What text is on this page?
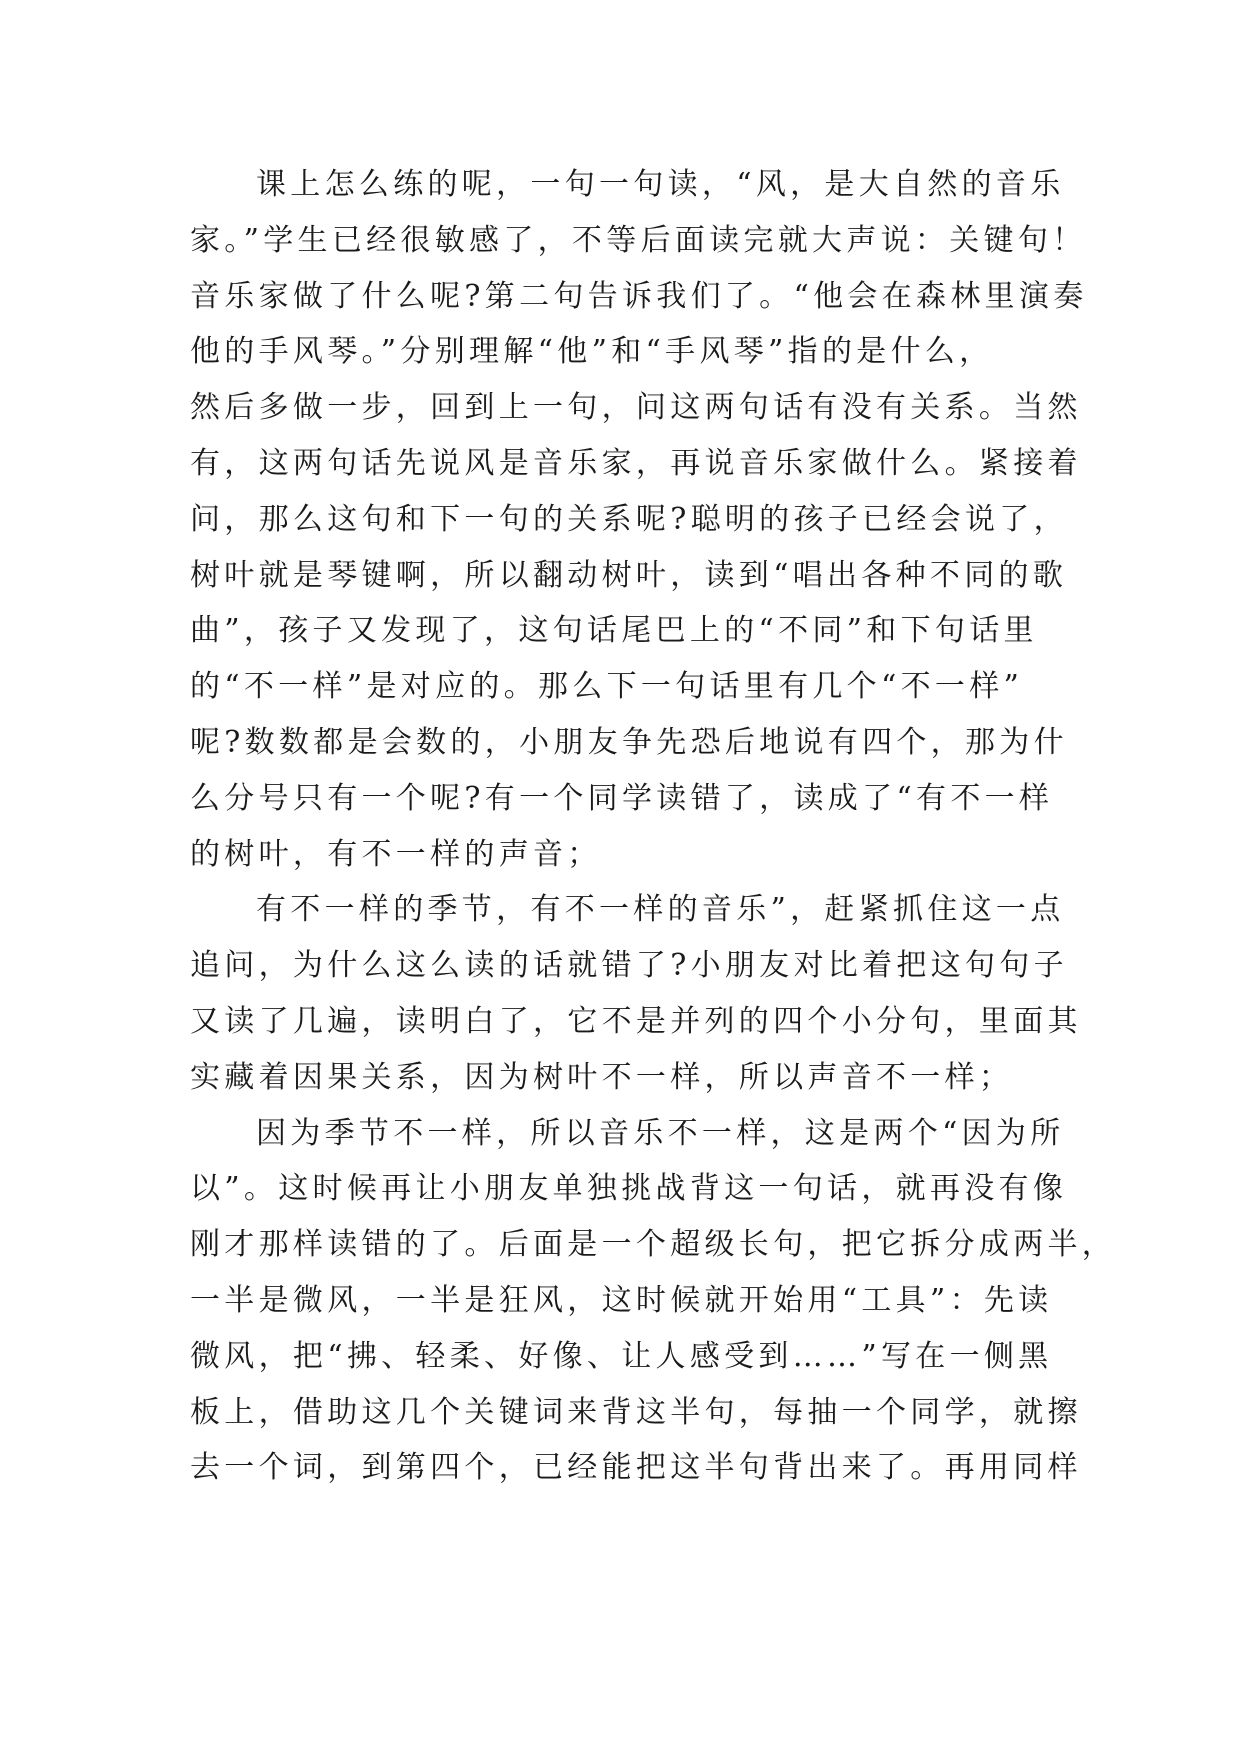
课上怎么练的呢，一句一句读，“风，是大自然的音乐
家。”学生已经很敏感了，不等后面读完就大声说：关键句！
音乐家做了什么呢?第二句告诉我们了。“他会在森林里演奏
他的手风琴。”分别理解“他”和“手风琴”指的是什么，
然后多做一步，回到上一句，问这两句话有没有关系。当然
有，这两句话先说风是音乐家，再说音乐家做什么。紧接着
问，那么这句和下一句的关系呢?聪明的孩子已经会说了，
树叶就是琴键啊，所以翻动树叶，读到“唱出各种不同的歌
曲”，孩子又发现了，这句话尾巴上的“不同”和下句话里
的“不一样”是对应的。那么下一句话里有几个“不一样”
呢?数数都是会数的，小朋友争先恐后地说有四个，那为什
么分号只有一个呢?有一个同学读错了，读成了“有不一样
的树叶，有不一样的声音；
有不一样的季节，有不一样的音乐”，赶紧抓住这一点
追问，为什么这么读的话就错了?小朋友对比着把这句句子
又读了几遍，读明白了，它不是并列的四个小分句，里面其
实藏着因果关系，因为树叶不一样，所以声音不一样；
因为季节不一样，所以音乐不一样，这是两个“因为所
以”。这时候再让小朋友单独挑战背这一句话，就再没有像
刚才那样读错的了。后面是一个超级长句，把它拆分成两半，
一半是微风，一半是狂风，这时候就开始用“工具”：先读
微风，把“拂、轻柔、好像、让人感受到……”写在一侧黑
板上，借助这几个关键词来背这半句，每抽一个同学，就擦
去一个词，到第四个，已经能把这半句背出来了。再用同样
